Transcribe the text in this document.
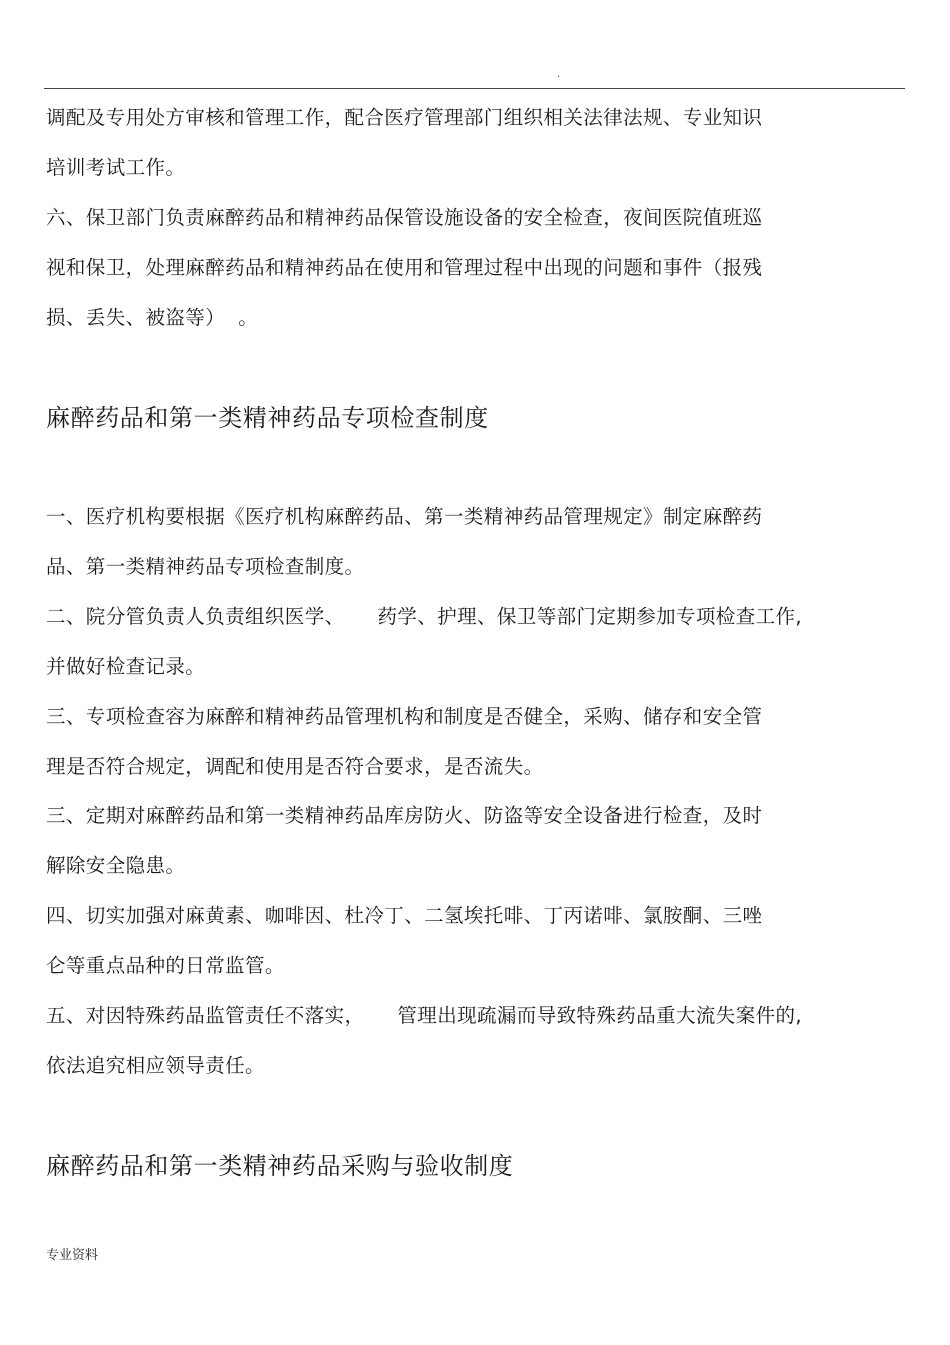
.
调配及专用处方审核和管理工作，配合医疗管理部门组织相关法律法规、专业知识
培训考试工作。
六、保卫部门负责麻醉药品和精神药品保管设施设备的安全检查，夜间医院值班巡
视和保卫，处理麻醉药品和精神药品在使用和管理过程中出现的问题和事件（报残
损、丢失、被盗等）  。
麻醉药品和第一类精神药品专项检查制度
一、医疗机构要根据《医疗机构麻醉药品、第一类精神药品管理规定》制定麻醉药
品、第一类精神药品专项检查制度。
二、院分管负责人负责组织医学、     药学、护理、保卫等部门定期参加专项检查工作,
并做好检查记录。
三、专项检查容为麻醉和精神药品管理机构和制度是否健全，采购、储存和安全管
理是否符合规定，调配和使用是否符合要求，是否流失。
三、定期对麻醉药品和第一类精神药品库房防火、防盗等安全设备进行检查，及时
解除安全隐患。
四、切实加强对麻黄素、咖啡因、杜冷丁、二氢埃托啡、丁丙诺啡、氯胺酮、三唑
仑等重点品种的日常监管。
五、对因特殊药品监管责任不落实，     管理出现疏漏而导致特殊药品重大流失案件的,
依法追究相应领导责任。
麻醉药品和第一类精神药品采购与验收制度
专业资料
